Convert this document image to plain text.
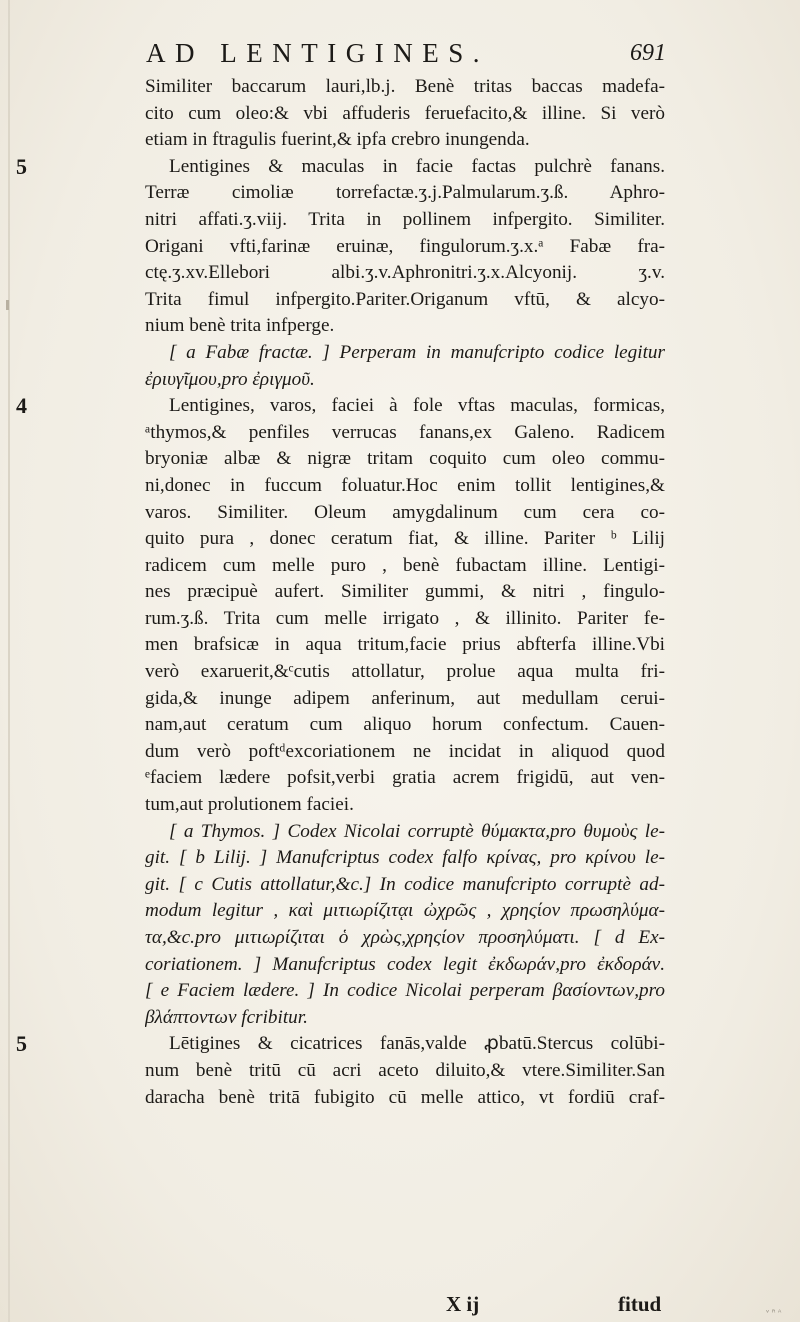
AD LENTIGINES.	691
Similiter baccarum lauri,lb.j. Benè tritas baccas madefa-
cito cum oleo:& vbi affuderis feruefacito,& illine. Si verò
etiam in ftragulis fuerint,& ipfa crebro inungenda.
5	Lentigines & maculas in facie factas pulchrè fanans.
Terræ cimoliæ torrefactæ.ʒ.j.Palmularum.ʒ.ß. Aphro-
nitri affati.ʒ.viij. Trita in pollinem infpergito. Similiter.
Origani vfti,farinæ eruinæ, fingulorum.ʒ.x.ᵃ Fabæ fra-
ctę.ʒ.xv.Ellebori albi.ʒ.v.Aphronitri.ʒ.x.Alcyonij. ʒ.v.
Trita fimul infpergito.Pariter.Origanum vftū, & alcyo-
nium benè trita infperge.
[ a Fabæ fractæ. ] Perperam in manufcripto codice legitur
ἐριυγῖμου,pro ἐριγμοῦ.
4	Lentigines, varos, faciei à fole vftas maculas, formicas,
ᵃthymos,& penfiles verrucas fanans,ex Galeno. Radicem
bryoniæ albæ & nigræ tritam coquito cum oleo commu-
ni,donec in fuccum foluatur.Hoc enim tollit lentigines,&
varos. Similiter. Oleum amygdalinum cum cera co-
quito pura , donec ceratum fiat, & illine. Pariter ᵇ Lilij
radicem cum melle puro , benè fubactam illine. Lentigi-
nes præcipuè aufert. Similiter gummi, & nitri , fingulo-
rum.ʒ.ß. Trita cum melle irrigato , & illinito. Pariter fe-
men brafsicæ in aqua tritum,facie prius abfterfa illine.Vbi
verò exaruerit,&ᶜcutis attollatur, prolue aqua multa fri-
gida,& inunge adipem anferinum, aut medullam cerui-
nam,aut ceratum cum aliquo horum confectum. Cauen-
dum verò poftᵈexcoriationem ne incidat in aliquod quod
ᵉfaciem lædere pofsit,verbi gratia acrem frigidū, aut ven-
tum,aut prolutionem faciei.
[ a Thymos. ] Codex Nicolai corruptè θύμακτα,pro θυμοὺς le-
git. [ b Lilij. ] Manufcriptus codex falfo κρίνας, pro κρίνου le-
git. [ c Cutis attollatur,&c.] In codice manufcripto corruptè ad-
modum legitur , καὶ μιτιωρίζιτᾳι ὠχρῶς , χρηςίον πρωσηλύμα-
τα,&c.pro μιτιωρίζιται ὁ χρὼς,χρηςίον προσηλύματι. [ d Ex-
coriationem. ] Manufcriptus codex legit ἐκδωράν,pro ἐκδοράν.
[ e Faciem lædere. ] In codice Nicolai perperam βασίοντων,pro
βλάπτοντων fcribitur.
5	Lētigines & cicatrices fanās,valde ꝓbatū.Stercus colūbi-
num benè tritū cū acri aceto diluito,& vtere.Similiter.San
daracha benè tritā fubigito cū melle attico, vt fordiū craf-
X ij	fitud	ᵛ ᴿ ᴬ
